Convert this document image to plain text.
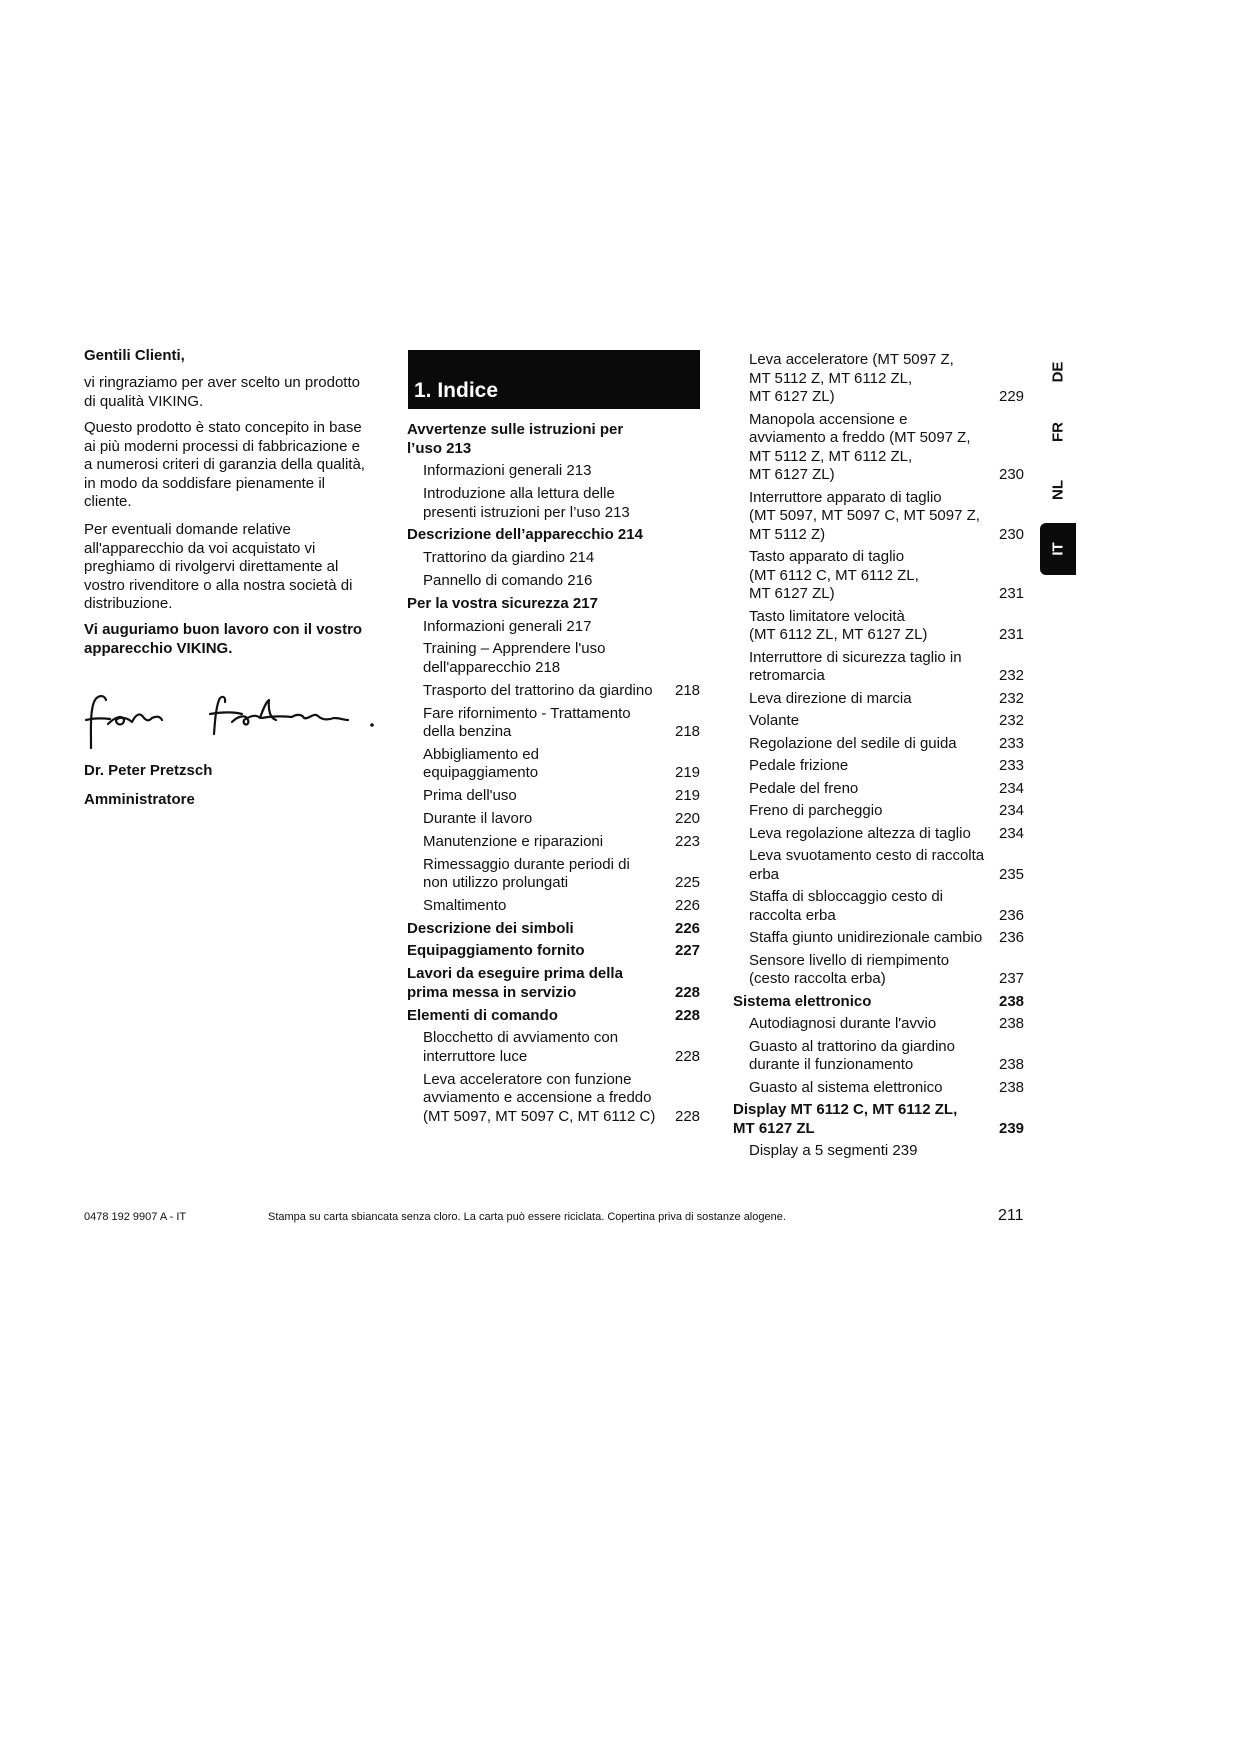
Gentili Clienti,

vi ringraziamo per aver scelto un prodotto

di qualità VIKING.

Questo prodotto è stato concepito in base

ai più moderni processi di fabbricazione e

a numerosi criteri di garanzia della qualità,

in modo da soddisfare pienamente il

cliente.

Per eventuali domande relative

all'apparecchio da voi acquistato vi

preghiamo di rivolgervi direttamente al

vostro rivenditore o alla nostra società di

distribuzione.

Vi auguriamo buon lavoro con il vostro

apparecchio VIKING.

Dr. Peter Pretzsch

Amministratore

1. Indice
Avvertenze sulle istruzioni per
l’uso 213
Informazioni generali 213
Introduzione alla lettura delle
presenti istruzioni per l’uso 213
Descrizione dell’apparecchio 214
Trattorino da giardino 214
Pannello di comando 216
Per la vostra sicurezza 217
Informazioni generali 217
Training – Apprendere l'uso
dell'apparecchio 218
Trasporto del trattorino da giardino 218
Fare rifornimento - Trattamento
della benzina	218
Abbigliamento ed
equipaggiamento	219
Prima dell'uso	219
Durante il lavoro	220
Manutenzione e riparazioni	223
Rimessaggio durante periodi di
non utilizzo prolungati	225
Smaltimento	226
Descrizione dei simboli	226
Equipaggiamento fornito	227
Lavori da eseguire prima della
prima messa in servizio	228
Elementi di comando	228
Blocchetto di avviamento con
interruttore luce	228
Leva acceleratore con funzione
avviamento e accensione a freddo
(MT 5097, MT 5097 C, MT 6112 C) 228
Leva acceleratore (MT 5097 Z,
MT 5112 Z, MT 6112 ZL,
MT 6127 ZL)	229
Manopola accensione e
avviamento a freddo (MT 5097 Z,
MT 5112 Z, MT 6112 ZL,
MT 6127 ZL)	230
Interruttore apparato di taglio
(MT 5097, MT 5097 C, MT 5097 Z,
MT 5112 Z)	230
Tasto apparato di taglio
(MT 6112 C, MT 6112 ZL,
MT 6127 ZL)	231
Tasto limitatore velocità
(MT 6112 ZL, MT 6127 ZL)	231
Interruttore di sicurezza taglio in
retromarcia	232
Leva direzione di marcia	232
Volante	232
Regolazione del sedile di guida	233
Pedale frizione	233
Pedale del freno	234
Freno di parcheggio	234
Leva regolazione altezza di taglio 234
Leva svuotamento cesto di raccolta
erba	235
Staffa di sbloccaggio cesto di
raccolta erba	236
Staffa giunto unidirezionale cambio 236
Sensore livello di riempimento
(cesto raccolta erba)	237
Sistema elettronico	238
Autodiagnosi durante l'avvio	238
Guasto al trattorino da giardino
durante il funzionamento	238
Guasto al sistema elettronico	238
Display MT 6112 C, MT 6112 ZL,
MT 6127 ZL	239
Display a 5 segmenti 239
DE
FR
NL
IT
0478 192 9907 A - IT	Stampa su carta sbiancata senza cloro. La carta può essere riciclata. Copertina priva di sostanze alogene.	211
